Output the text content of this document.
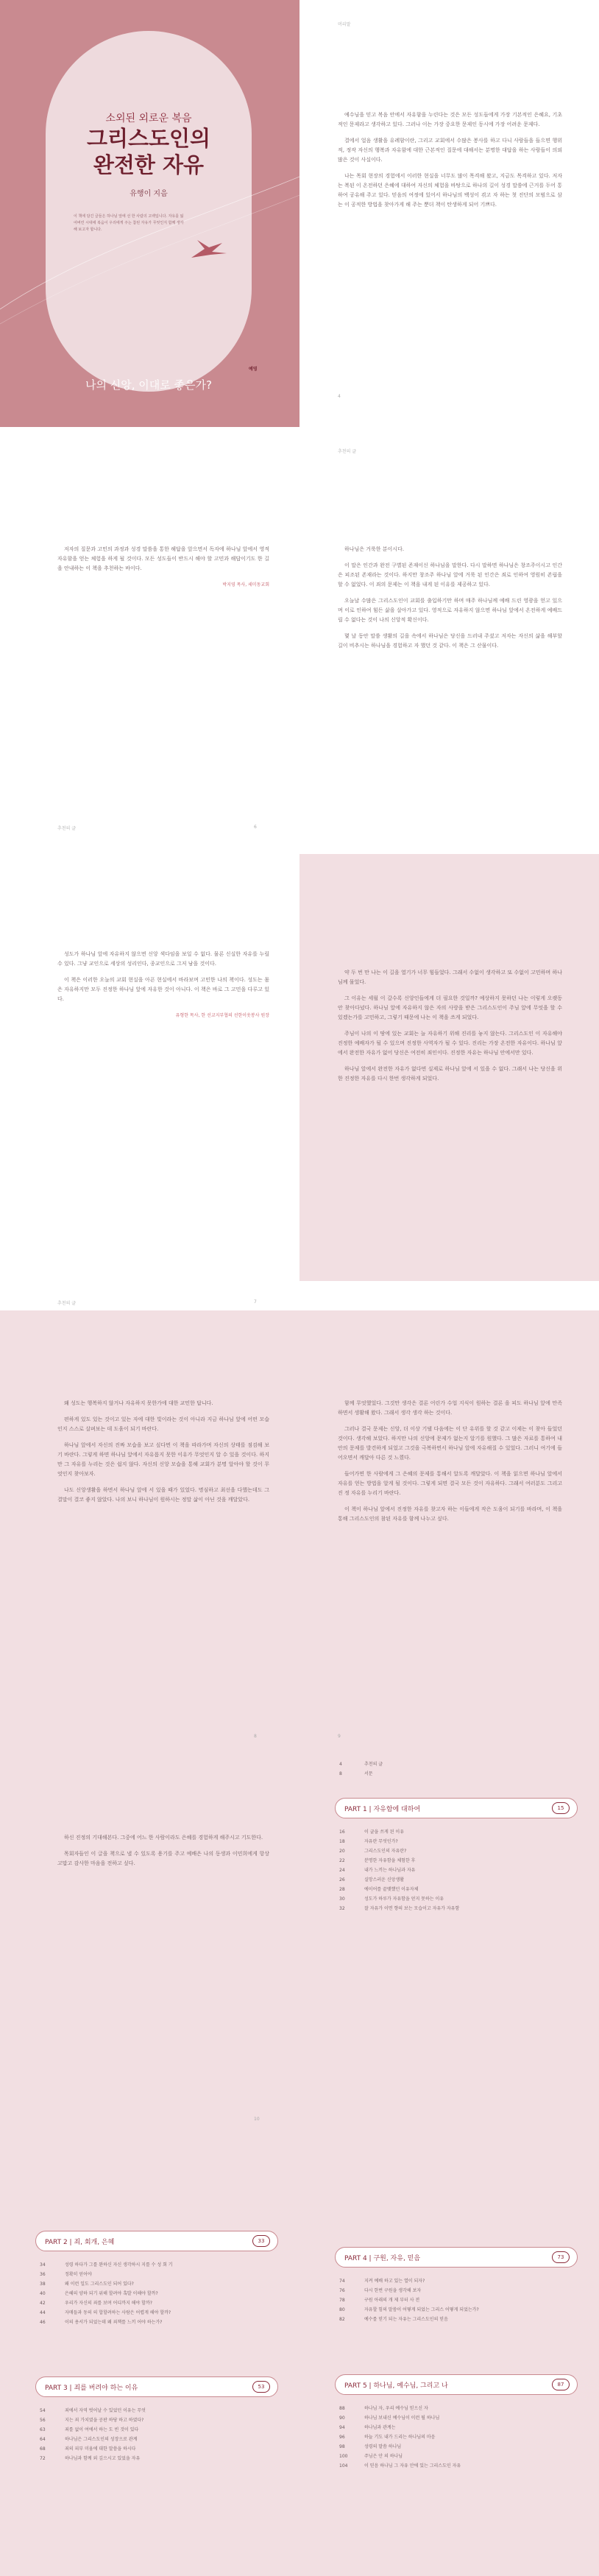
소외된 외로운 복음
그리스도인의
완전한 자유
유행이 지음
이 책에 담긴 글들은 하나님 앞에 선 한 사람의 고백입니다. 자유를 잃어버린 시대에 복음이 우리에게 주는 참된 자유가 무엇인지 함께 생각해 보고자 합니다.
예영
나의 신앙, 이대로 좋은가?
머리말

예수님을 믿고 복음 안에서 자유함을 누린다는 것은 모든 성도들에게 가장 기본적인 은혜요, 기초적인 문제라고 생각하고 있다. 그러나 이는 가장 중요한 문제인 동시에 가장 어려운 문제다.

결에서 얼음 생활을 유례함이란, 그리고 교회에서 수많은 봉사를 하고 다니 사람들을 들으면 행위적, 정작 자신의 행복과 자유함에 대한 근본적인 질문에 대해서는 분명한 대답을 하는 사람들이 의외 많은 것이 사실이다.

나는 목회 현장의 경험에서 이러한 현실을 너무도 많이 목격해 왔고, 지금도 목격하고 있다. 저자는 복된 이 온전하던 은혜에 대하여 자신의 체험을 바탕으로 하나의 길이 성경 말씀에 근거를 두어 통하여 공유해 주고 있다. 믿음의 여정에 있어서 하나님의 백성이 겪고 자 하는 첫 진단의 모범으로 삼는 이 공적한 방법을 찾아가게 해 주는 뿐더 책이 탄생하게 되어 기쁘다.

4

저자의 질문과 고민의 과정과 성경 말씀을 통한 해답을 앞으면서 독자에 하나님 앞에서 영적 자유함을 얻는 체험을 하게 될 것이다. 모든 성도들이 반드시 해야 할 고민과 해답이기도 한 길을 안내하는 이 책을 추천하는 바이다.

박지영 목사, 세미동교회
추천의 글	6
추천의 글

하나님은 거룩한 분이시다.

이 말은 인간과 완전 구별된 존재이신 하나님을 말한다. 다시 말하면 하나님은 창조주이시고 인간은 피조된 존재라는 것이다. 하지만 창조주 하나님 앞에 거룩 된 인간은 죄로 인하여 영원히 존립을 할 수 없었다. 이 죄의 문제는 이 책을 내게 된 이유를 제공하고 있다.

오늘날 수많은 그리스도인이 교회를 출입하기만 하며 매주 하나님께 예배 드린 영광을 얻고 있으며 이로 인하여 힘든 삶을 살아가고 있다. 영적으로 자유하지 않으면 하나님 앞에서 온전하게 예배드릴 수 없다는 것이 나의 신앙적 확신이다.

몇 날 동안 말씀 생활의 길을 속에서 하나님은 당신을 드러내 주셨고 저자는 자신의 삶을 해부할 길이 비추시는 하나님을 경험하고 자 했던 것 같다. 이 책은 그 산물이다.

성도가 하나님 앞에 자유하지 않으면 신앙 색다임을 보일 수 없다. 물론 신실한 자유를 누릴 수 있다. 그냥 교인으로 세상의 성리인다, 종교인으로 그저 남을 것이다.

이 책은 이러한 오늘의 교회 현실을 아픈 현실에서 바라보며 고민한 나의 책이다. 성도는 몸은 자유하지만 모두 진정한 하나님 앞에 자유한 것이 아니다. 이 책은 바로 그 고민을 다루고 있다.

유형한 목사, 한 선교지부협의 선한이웃봉사 원장
추천의 글	7

약 두 번 만 나는 이 길을 열기가 너무 힘들었다. 그래서 수없이 생각하고 또 수없이 고민하며 하나님께 물었다.

그 이유는 세월 이 갈수록 신앙인들에게 더 필요한 것일까? 예상하지 못하던 나는 이렇게 오랫동안 찾아다녔다. 하나님 앞에 자유하지 않은 자의 사랑을 받은 그리스도인이 주님 앞에 무엇을 할 수 있겠는가를 고민하고, 그렇기 때문에 나는 이 책을 쓰게 되었다.

주님이 나의 이 땅에 있는 교회는 늘 자유하기 위해 진리를 놓지 않는다. 그리스도인 이 자유해야 진정한 예배자가 될 수 있으며 진정한 사역자가 될 수 있다. 진리는 가장 온전한 자유이다. 하나님 앞에서 완전한 자유가 없어 당신은 여전히 죄인이다. 진정한 자유는 하나님 안에서만 있다.

하나님 앞에서 완전한 자유가 없다면 실제로 하나님 앞에 서 있을 수 없다. 그래서 나는 당신을 위한 진정한 자유를 다시 한번 생각하게 되었다.

왜 성도는 행복하지 않거나 자유하지 못한가에 대한 교민한 답니다.

편하게 있도 있는 것이고 있는 자에 대한 빛이라는 것이 아니라 지금 하나님 앞에 어떤 모습인지 스스로 살펴보는 데 도움이 되기 바란다.

하나님 앞에서 자신의 진짜 모습을 보고 싶다면 이 책을 따라가며 자신의 상태를 점검해 보기 바란다. 그렇게 하면 하나님 앞에서 자유롭지 못한 이유가 무엇인지 알 수 있을 것이다. 하지만 그 자유를 누리는 것은 쉽지 않다. 자신의 신앙 모습을 통해 교회가 분명 알아야 할 것이 무엇인지 찾아보자.

나도 신앙생활을 하면서 하나님 앞에 서 있을 때가 있었다. 명심하고 최선을 다했는데도 그 결말이 결코 좋지 않았다. 나의 보니 하나님이 원하시는 정말 삶이 아닌 것을 깨달았다.

8

함께 무엇했었다. 그것만 생각은 결론 어린가 수업 지식이 원하는 결론 을 피도 하나님 앞에 만족하면서 생활해 왔다. 그래서 생각 생각 하는 것이다.

그러나 결국 문제는 신앙, 더 이상 기댈 다음에는 이 단 유위를 할 것 같고 이제는 이 찾아 들었던 것이다. 생각해 보았다. 하지만 나의 신앙에 문제가 없는지 알기를 원했다. 그 많은 자료를 통하여 내 안의 문제를 발견하게 되었고 그것을 극복하면서 하나님 앞에 자유해질 수 있었다. 그러니 여기에 들어오면서 깨달아 다른 것 느꼈다.

들어가면 한 사람에게 그 은혜의 문제를 통해서 알도록 깨달았다. 이 책을 읽으면 하나님 앞에서 자유를 얻는 방법을 알게 될 것이다. 그렇게 되면 결국 모든 것이 자유하다. 그래서 여러분도 그리고 진 정 자유를 누리기 바란다.

이 책이 하나님 앞에서 진정한 자유를 찾고자 하는 이들에게 작은 도움이 되기를 바라며, 이 책을 통해 그리스도인의 참된 자유를 함께 나누고 싶다.

9

하신 진정의 기대해본다. 그중에 어느 한 사람이라도 은혜를 경험하게 해주시고 기도한다.

목회자들인 이 글을 책으로 낼 수 있도록 용기를 주고 예배은 나의 동생과 이민희에게 항상 고맙고 감사한 마음을 전하고 싶다.

10
4	추천의 글
8	서문
PART 1 | 자유함에 대하여	15
16	이 글을 쓰게 된 이유
18	자유란 무엇인가?
20	그리스도인의 자유란?
22	분명한 자유함을 체험한 후
24	내가 느끼는 하나님과 자유
26	실망스러운 신앙생활
28	에이어를 끝맺했던 이유자체
30	성도가 하루가 자유함을 얻지 못하는 이유
32	잘 자유가 이면 향의 보는 모습이고 자유가 자유함
PART 2 | 죄, 회개, 은혜	33
34	성령 하다가 그를 완하신 자신 생각하시 지를 수 성 회 기
36	정확히 얻어야
38	왜 이런 일도 그리스도인 되어 있다?
40	은혜의 양하 되기 위해 할려야 혹발 이해야 할까?
42	우리가 자신의 죄를 보며 어디까지 해야 할까?
44	자매들과 동의 의 합할려하는 사람은 어렵게 해야 할까?
46	이의 용서가 되었는데 왜 죄책를 느끼 어야 하는가?
PART 3 | 죄를 버려야 하는 이유	53
54	죄에서 자역 벗어날 수 있었던 이유는 무엇
56	지는 죄 가치였을 공판 하당 하고 하였다?
63	죄를 없이 여에서 하는 도 빈 것이 있다
64	하나님은 그리스도인의 성장으로 관계
68	죄의 피부 미움에 대한 말씀을 하시다
72	하나님과 함께 외 깊으시고 있었을 자유
PART 4 | 구원, 자유, 믿음	73
74	지켜 예배 하고 있는 열이 되자?
76	다시 한번 구원을 생각해 보자
78	구원 아래의 개 제 부터 사 전
80	자유할 힘의 말씀이 어떻게 되었는 그리스 어떻게 되었는가?
82	예수를 믿기 되는 자유는 그리스도인의 믿음
PART 5 | 하나님, 예수님, 그리고 나	87
88	하나님 자, 우리 예수님 믿으신 자
90	하나님 보내신 예수님이 이런 될 하나님
94	하나님과 관계는
96	하늘 기도 내가 드리는 하나님의 마음
98	성령의 말씀 하나님
100	주님은 안 의 하나님
104	이 믿음 하나님 그 자유 안에 있는 그리스도인 자유
